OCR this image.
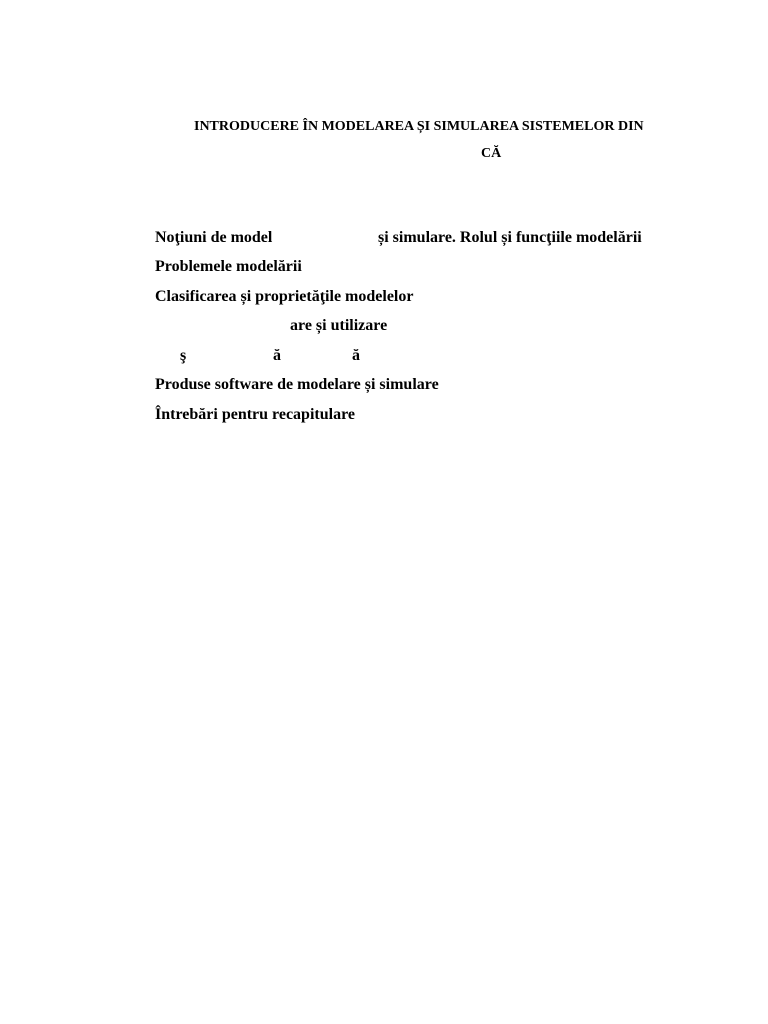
INTRODUCERE ÎN MODELAREA ȘI SIMULAREA SISTEMELOR DIN
CĂ
Noţiuni de model	și simulare. Rolul și funcţiile modelării
Problemele modelării
Clasificarea și proprietăţile modelelor
are și utilizare
ş	ă	ă
Produse software de modelare și simulare
Întrebări pentru recapitulare
